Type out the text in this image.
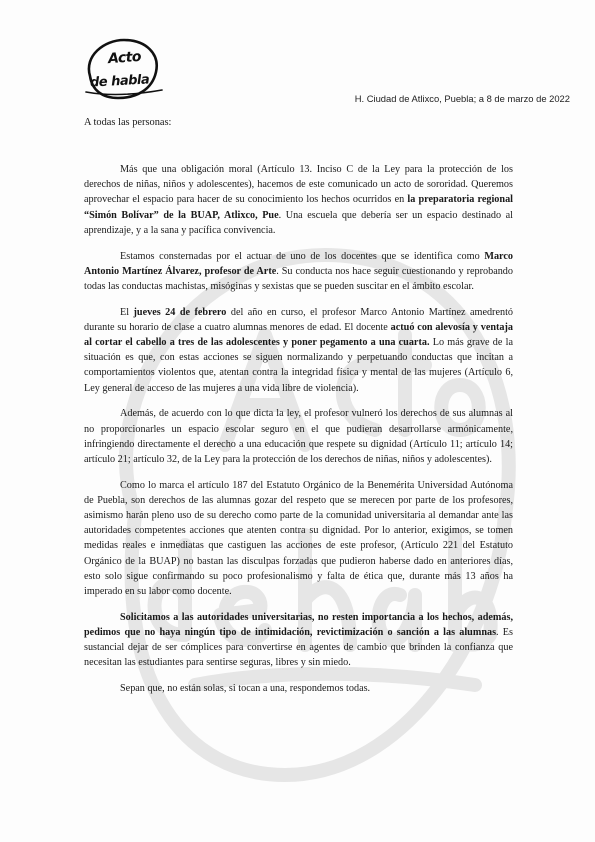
Acto
de habla
H. Ciudad de Atlixco, Puebla; a 8 de marzo de 2022
A todas las personas:

Más que una obligación moral (Artículo 13. Inciso C de la Ley para la protección de los derechos de niñas, niños y adolescentes), hacemos de este comunicado un acto de sororidad. Queremos aprovechar el espacio para hacer de su conocimiento los hechos ocurridos en la preparatoria regional “Simón Bolívar” de la BUAP, Atlixco, Pue. Una escuela que debería ser un espacio destinado al aprendizaje, y a la sana y pacífica convivencia.

Estamos consternadas por el actuar de uno de los docentes que se identifica como Marco Antonio Martínez Álvarez, profesor de Arte. Su conducta nos hace seguir cuestionando y reprobando todas las conductas machistas, misóginas y sexistas que se pueden suscitar en el ámbito escolar.

El jueves 24 de febrero del año en curso, el profesor Marco Antonio Martínez amedrentó durante su horario de clase a cuatro alumnas menores de edad. El docente actuó con alevosía y ventaja al cortar el cabello a tres de las adolescentes y poner pegamento a una cuarta. Lo más grave de la situación es que, con estas acciones se siguen normalizando y perpetuando conductas que incitan a comportamientos violentos que, atentan contra la integridad física y mental de las mujeres (Artículo 6, Ley general de acceso de las mujeres a una vida libre de violencia).

Además, de acuerdo con lo que dicta la ley, el profesor vulneró los derechos de sus alumnas al no proporcionarles un espacio escolar seguro en el que pudieran desarrollarse armónicamente, infringiendo directamente el derecho a una educación que respete su dignidad (Artículo 11; artículo 14; artículo 21; artículo 32, de la Ley para la protección de los derechos de niñas, niños y adolescentes).

Como lo marca el artículo 187 del Estatuto Orgánico de la Benemérita Universidad Autónoma de Puebla, son derechos de las alumnas gozar del respeto que se merecen por parte de los profesores, asimismo harán pleno uso de su derecho como parte de la comunidad universitaria al demandar ante las autoridades competentes acciones que atenten contra su dignidad. Por lo anterior, exigimos, se tomen medidas reales e inmediatas que castiguen las acciones de este profesor, (Artículo 221 del Estatuto Orgánico de la BUAP) no bastan las disculpas forzadas que pudieron haberse dado en anteriores días, esto solo sigue confirmando su poco profesionalismo y falta de ética que, durante más 13 años ha imperado en su labor como docente.

Solicitamos a las autoridades universitarias, no resten importancia a los hechos, además, pedimos que no haya ningún tipo de intimidación, revictimización o sanción a las alumnas. Es sustancial dejar de ser cómplices para convertirse en agentes de cambio que brinden la confianza que necesitan las estudiantes para sentirse seguras, libres y sin miedo.

Sepan que, no están solas, si tocan a una, respondemos todas.
